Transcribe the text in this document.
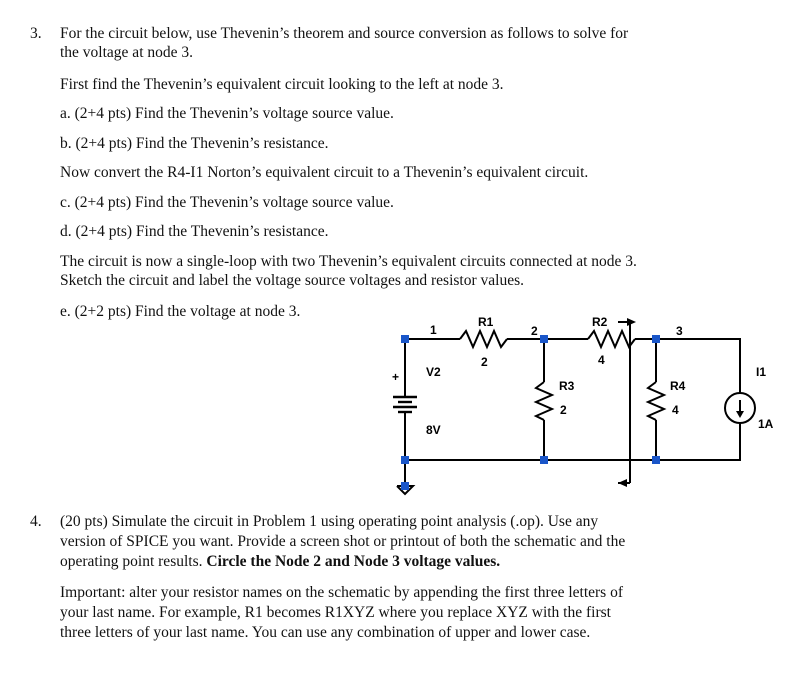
3. For the circuit below, use Thevenin’s theorem and source conversion as follows to solve for
the voltage at node 3.
First find the Thevenin’s equivalent circuit looking to the left at node 3.
a. (2+4 pts) Find the Thevenin’s voltage source value.
b. (2+4 pts) Find the Thevenin’s resistance.
Now convert the R4-I1 Norton’s equivalent circuit to a Thevenin’s equivalent circuit.
c. (2+4 pts) Find the Thevenin’s voltage source value.
d. (2+4 pts) Find the Thevenin’s resistance.
The circuit is now a single-loop with two Thevenin’s equivalent circuits connected at node 3.
Sketch the circuit and label the voltage source voltages and resistor values.
e. (2+2 pts) Find the voltage at node 3.
1
R1
2
2
R2
4
3
+ V2
8V
R3
2
R4
4
I1
1A
4. (20 pts) Simulate the circuit in Problem 1 using operating point analysis (.op). Use any
version of SPICE you want. Provide a screen shot or printout of both the schematic and the
operating point results. Circle the Node 2 and Node 3 voltage values.
Important: alter your resistor names on the schematic by appending the first three letters of
your last name. For example, R1 becomes R1XYZ where you replace XYZ with the first
three letters of your last name. You can use any combination of upper and lower case.
